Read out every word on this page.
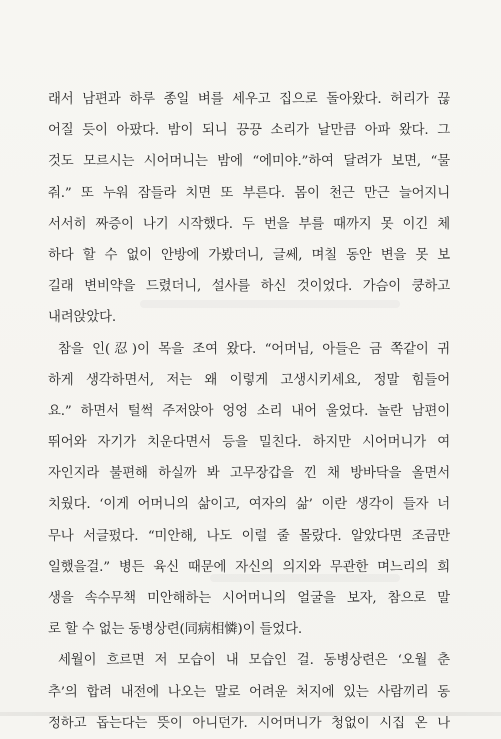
래서 남편과 하루 종일 벼를 세우고 집으로 돌아왔다. 허리가 끊
어질 듯이 아팠다. 밤이 되니 끙끙 소리가 날만큼 아파 왔다. 그
것도 모르시는 시어머니는 밤에 “에미야.”하여 달려가 보면, “물
줘.” 또 누워 잠들라 치면 또 부른다. 몸이 천근 만근 늘어지니
서서히 짜증이 나기 시작했다. 두 번을 부를 때까지 못 이긴 체
하다 할 수 없이 안방에 가봤더니, 글쎄, 며칠 동안 변을 못 보
길래 변비약을 드렸더니, 설사를 하신 것이었다. 가슴이 쿵하고
내려앉았다.
참을 인(忍)이 목을 조여 왔다. “어머님, 아들은 금 쪽같이 귀
하게 생각하면서, 저는 왜 이렇게 고생시키세요, 정말 힘들어
요.” 하면서 털썩 주저앉아 엉엉 소리 내어 울었다. 놀란 남편이
뛰어와 자기가 치운다면서 등을 밀친다. 하지만 시어머니가 여
자인지라 불편해 하실까 봐 고무장갑을 낀 채 방바닥을 올면서
치웠다. ‘이게 어머니의 삶이고, 여자의 삶’ 이란 생각이 들자 너
무나 서글펐다. “미안해, 나도 이럴 줄 몰랐다. 알았다면 조금만
일했을걸.” 병든 육신 때문에 자신의 의지와 무관한 며느리의 희
생을 속수무책 미안해하는 시어머니의 얼굴을 보자, 참으로 말
로 할 수 없는 동병상련(同病相憐)이 들었다.
세월이 흐르면 저 모습이 내 모습인 걸. 동병상련은 ‘오월 춘
추’의 합려 내전에 나오는 말로 어려운 처지에 있는 사람끼리 동
정하고 돕는다는 뜻이 아니던가. 시어머니가 청없이 시집 온 나
